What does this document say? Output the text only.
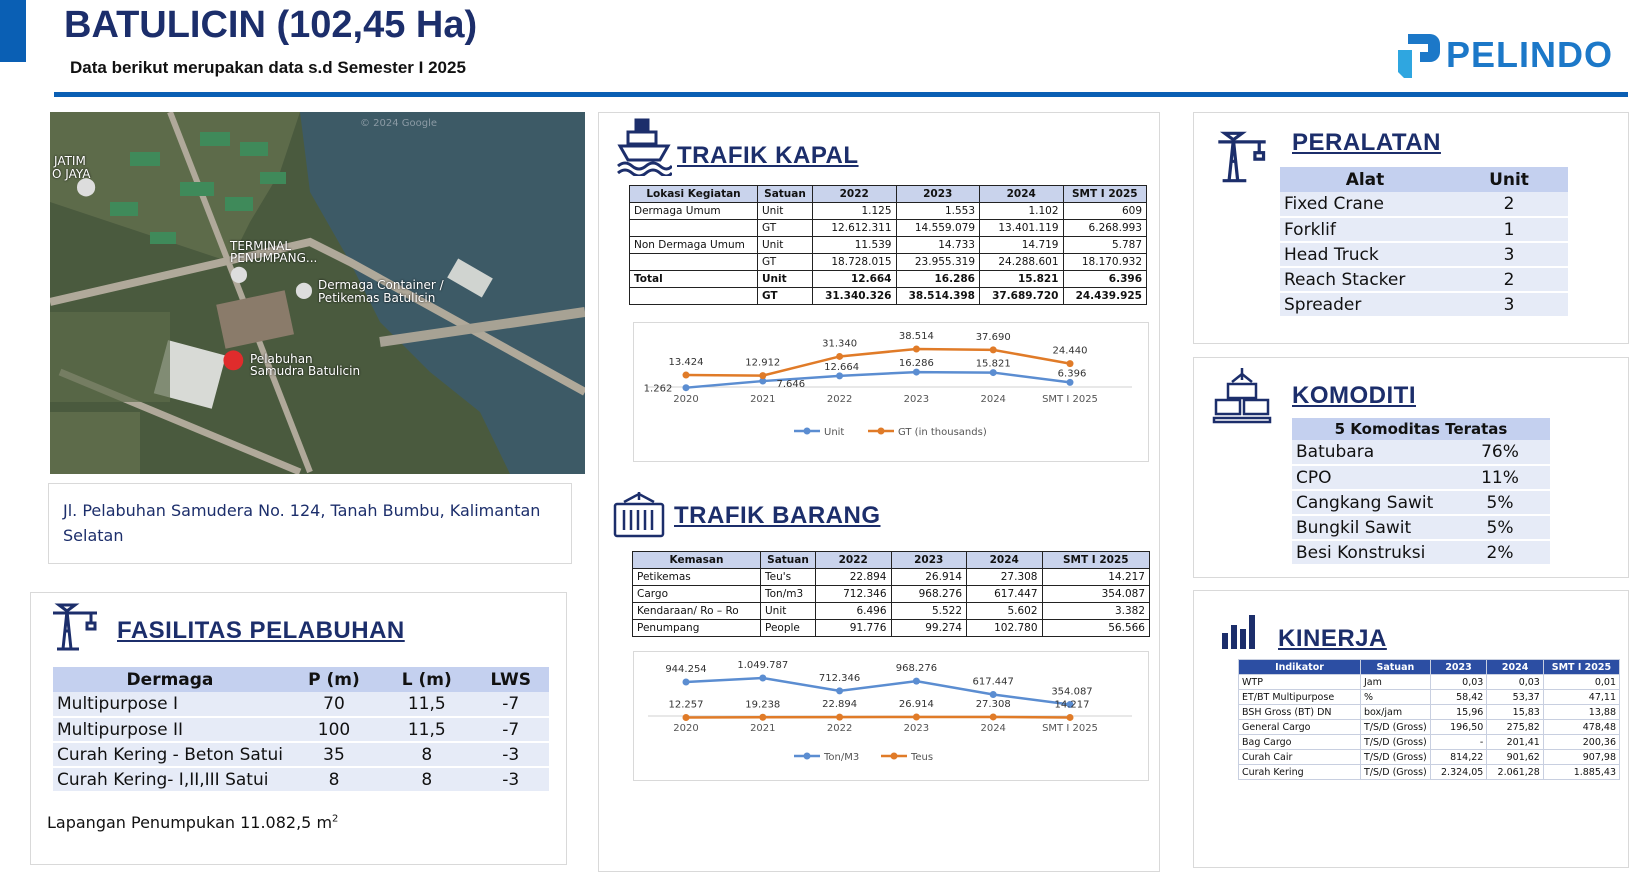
BATULICIN (102,45 Ha)
Data berikut merupakan data s.d Semester I 2025	PELINDO
© 2024 Google
JATIM
O JAYA
⬤
TERMINAL
PENUMPANG...
⬤
⬤ Dermaga Container /
Petikemas Batulicin
● Pelabuhan
Samudra Batulicin
Jl. Pelabuhan Samudera No. 124, Tanah Bumbu, Kalimantan Selatan
FASILITAS PELABUHAN
Dermaga	P (m)	L (m)	LWS
Multipurpose I	70	11,5	-7
Multipurpose II	100	11,5	-7
Curah Kering - Beton Satui	35	8	-3
Curah Kering- I,II,III Satui	8	8	-3
Lapangan Penumpukan 11.082,5 $m^2$
TRAFIK KAPAL
Lokasi Kegiatan	Satuan	2022	2023	2024	SMT I 2025
Dermaga Umum	Unit	1.125	1.553	1.102	609
	GT	12.612.311	14.559.079	13.401.119	6.268.993
Non Dermaga Umum	Unit	11.539	14.733	14.719	5.787
	GT	18.728.015	23.955.319	24.288.601	18.170.932
Total	Unit	12.664	16.286	15.821	6.396
	GT	31.340.326	38.514.398	37.689.720	24.439.925
2020	2021	2022	2023	2024	SMT I 2025
1.262	7.646
12.664	16.286	15.821
6.396
13.424	12.912
31.340
38.514	37.690
24.440
Unit	GT (in thousands)
TRAFIK BARANG
Kemasan	Satuan	2022	2023	2024	SMT I 2025
Petikemas	Teu's	22.894	26.914	27.308	14.217
Cargo	Ton/m3	712.346	968.276	617.447	354.087
Kendaraan/ Ro – Ro	Unit	6.496	5.522	5.602	3.382
Penumpang	People	91.776	99.274	102.780	56.566
2020	2021	2022	2023	2024	SMT I 2025
944.254	1.049.787
712.346
968.276
617.447
354.087
12.257	19.238	22.894	26.914	27.308	14.217
Ton/M3	Teus
PERALATAN
Alat	Unit
Fixed Crane	2
Forklif	1
Head Truck	3
Reach Stacker	2
Spreader	3
KOMODITI
5 Komoditas Teratas	
Batubara	76%
CPO	11%
Cangkang Sawit	5%
Bungkil Sawit	5%
Besi Konstruksi	2%
KINERJA
Indikator	Satuan	2023	2024	SMT I 2025
WTP	Jam	0,03	0,03	0,01
ET/BT Multipurpose	%	58,42	53,37	47,11
BSH Gross (BT) DN	box/jam	15,96	15,83	13,88
General Cargo	T/S/D (Gross)	196,50	275,82	478,48
Bag Cargo	T/S/D (Gross)	-	201,41	200,36
Curah Cair	T/S/D (Gross)	814,22	901,62	907,98
Curah Kering	T/S/D (Gross)	2.324,05	2.061,28	1.885,43
